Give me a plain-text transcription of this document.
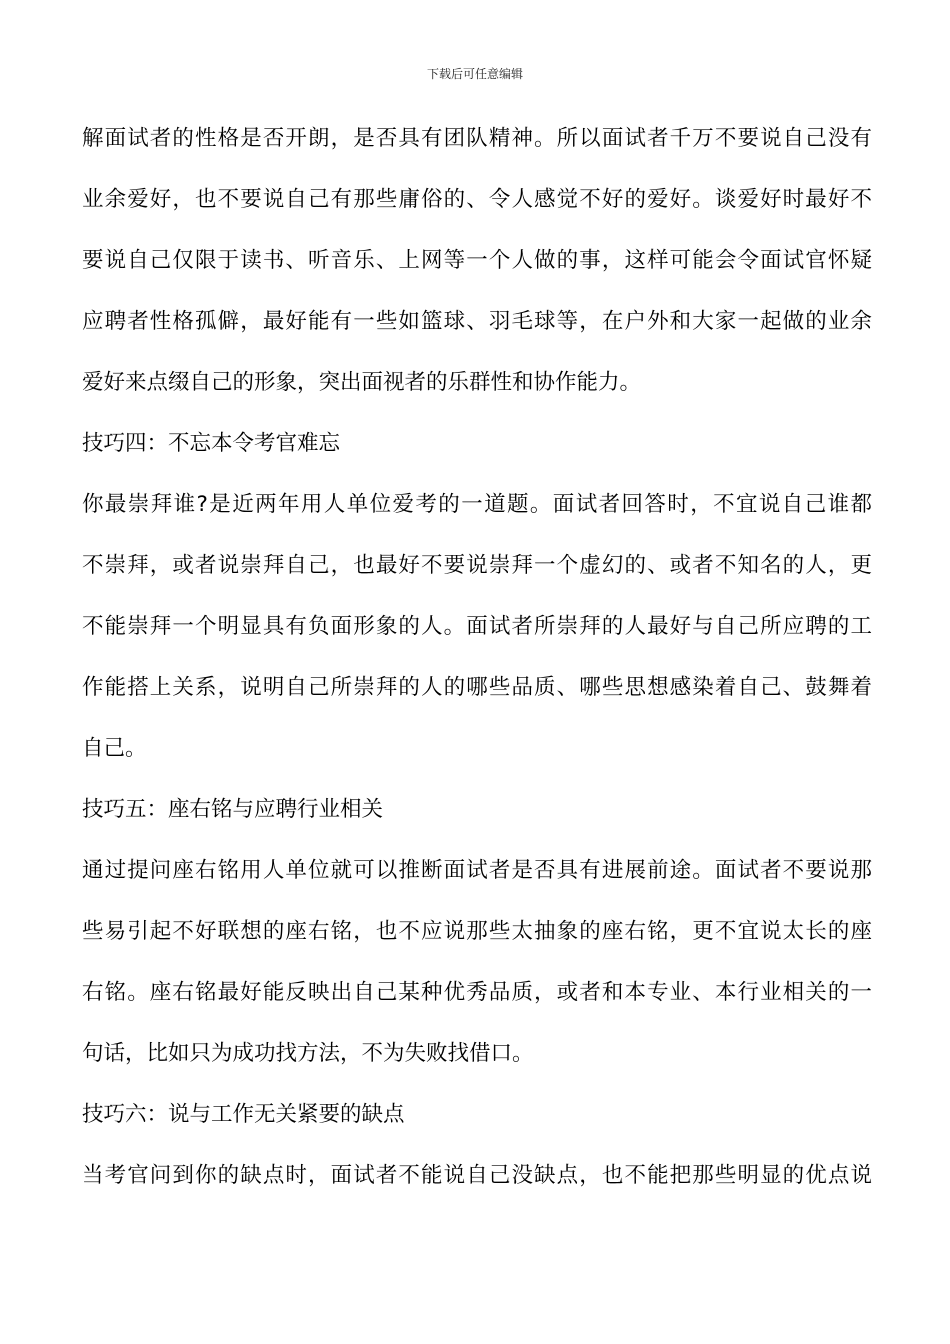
下载后可任意编辑
解面试者的性格是否开朗，是否具有团队精神。所以面试者千万不要说自己没有
业余爱好，也不要说自己有那些庸俗的、令人感觉不好的爱好。谈爱好时最好不
要说自己仅限于读书、听音乐、上网等一个人做的事，这样可能会令面试官怀疑
应聘者性格孤僻，最好能有一些如篮球、羽毛球等，在户外和大家一起做的业余
爱好来点缀自己的形象，突出面视者的乐群性和协作能力。
技巧四：不忘本令考官难忘
你最崇拜谁?是近两年用人单位爱考的一道题。面试者回答时，不宜说自己谁都
不崇拜，或者说崇拜自己，也最好不要说崇拜一个虚幻的、或者不知名的人，更
不能崇拜一个明显具有负面形象的人。面试者所崇拜的人最好与自己所应聘的工
作能搭上关系，说明自己所崇拜的人的哪些品质、哪些思想感染着自己、鼓舞着
自己。
技巧五：座右铭与应聘行业相关
通过提问座右铭用人单位就可以推断面试者是否具有进展前途。面试者不要说那
些易引起不好联想的座右铭，也不应说那些太抽象的座右铭，更不宜说太长的座
右铭。座右铭最好能反映出自己某种优秀品质，或者和本专业、本行业相关的一
句话，比如只为成功找方法，不为失败找借口。
技巧六：说与工作无关紧要的缺点
当考官问到你的缺点时，面试者不能说自己没缺点，也不能把那些明显的优点说
